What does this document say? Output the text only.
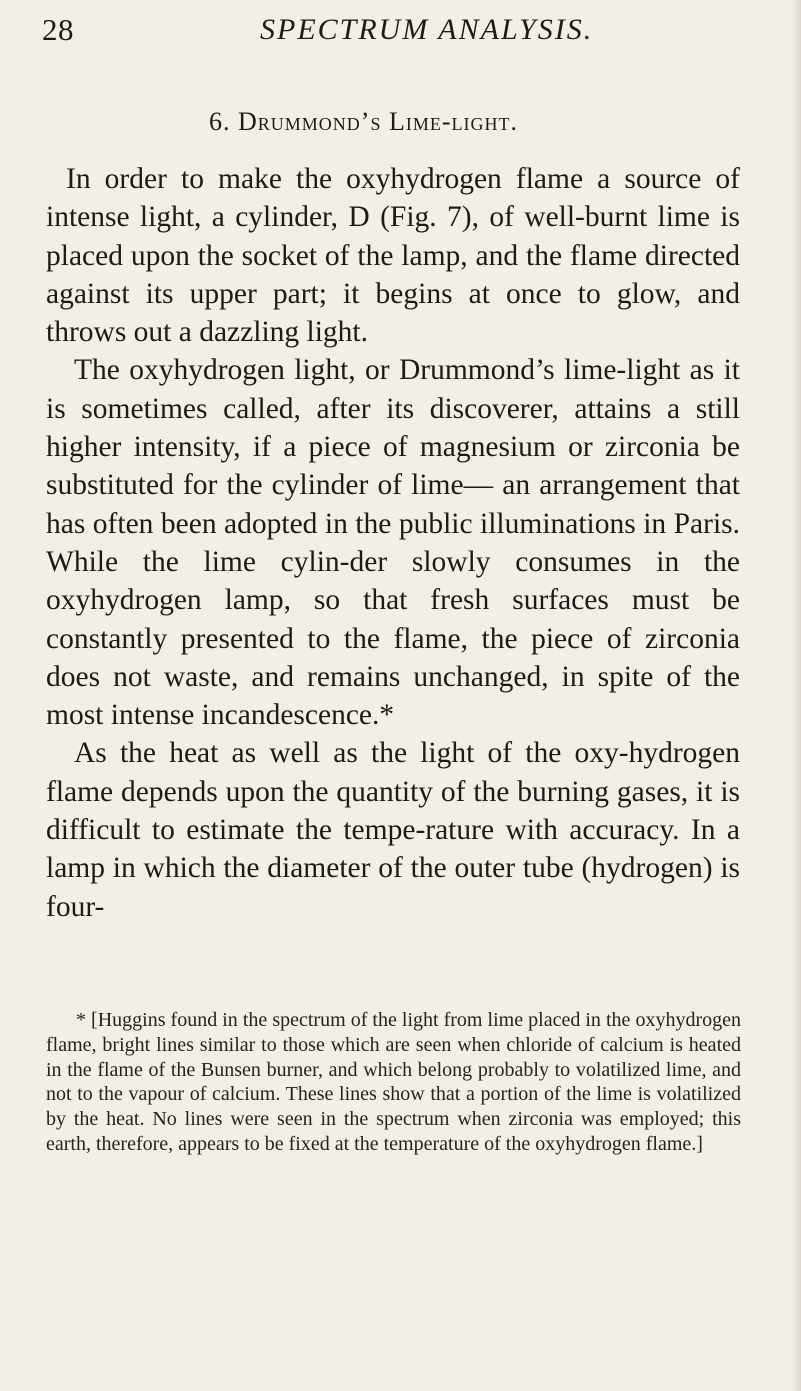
28	SPECTRUM ANALYSIS.
6. Drummond’s Lime-light.

In order to make the oxyhydrogen flame a source of intense light, a cylinder, D (Fig. 7), of well-burnt lime is placed upon the socket of the lamp, and the flame directed against its upper part; it begins at once to glow, and throws out a dazzling light.

The oxyhydrogen light, or Drummond’s lime-light as it is sometimes called, after its discoverer, attains a still higher intensity, if a piece of magnesium or zirconia be substituted for the cylinder of lime— an arrangement that has often been adopted in the public illuminations in Paris. While the lime cylin-der slowly consumes in the oxyhydrogen lamp, so that fresh surfaces must be constantly presented to the flame, the piece of zirconia does not waste, and remains unchanged, in spite of the most intense incandescence.*

As the heat as well as the light of the oxy-hydrogen flame depends upon the quantity of the burning gases, it is difficult to estimate the tempe-rature with accuracy. In a lamp in which the diameter of the outer tube (hydrogen) is four-

* [Huggins found in the spectrum of the light from lime placed in the oxyhydrogen flame, bright lines similar to those which are seen when chloride of calcium is heated in the flame of the Bunsen burner, and which belong probably to volatilized lime, and not to the vapour of calcium. These lines show that a portion of the lime is volatilized by the heat. No lines were seen in the spectrum when zirconia was employed; this earth, therefore, appears to be fixed at the temperature of the oxyhydrogen flame.]
